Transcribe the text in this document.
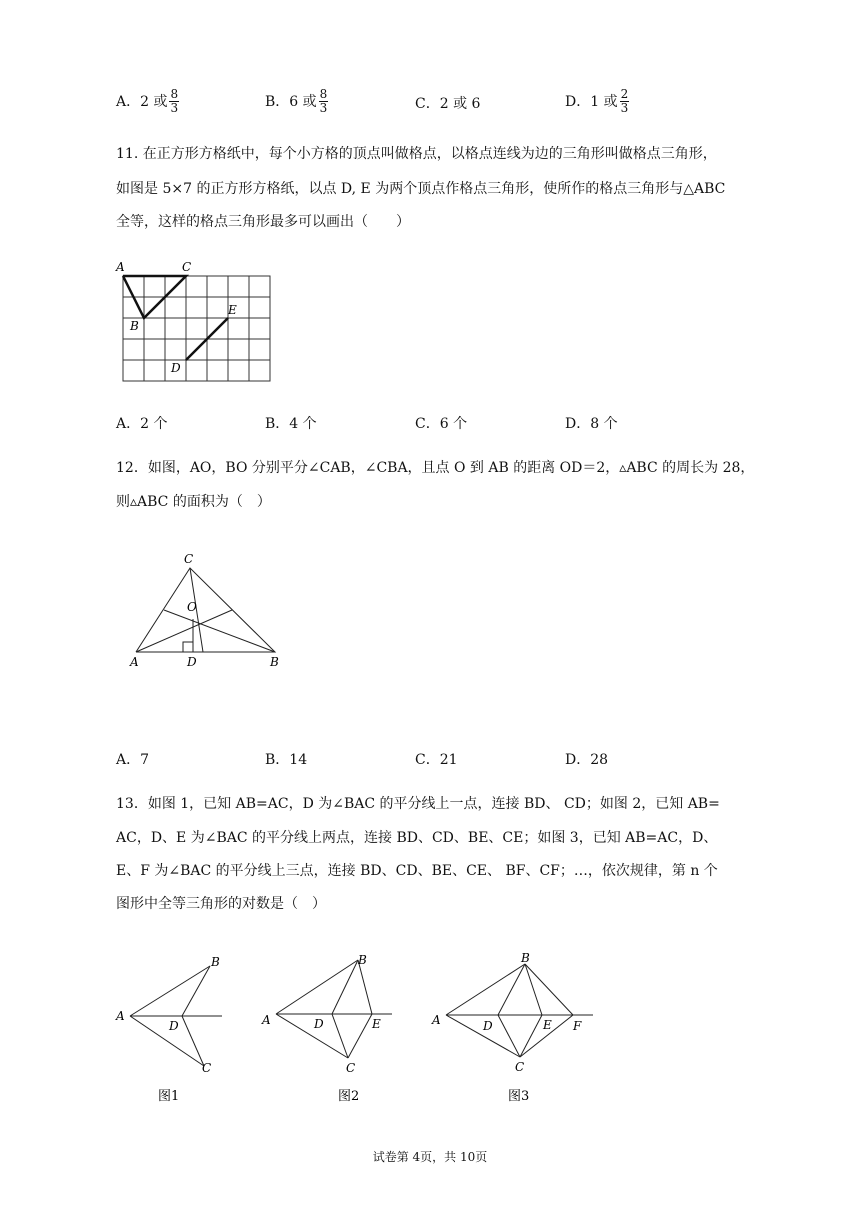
A．2 或 $\frac{8}{3}$	B．6 或 $\frac{8}{3}$	C．2 或 6	D．1 或 $\frac{2}{3}$
11. 在正方形方格纸中，每个小方格的顶点叫做格点，以格点连线为边的三角形叫做格点三角形，
如图是 5×7 的正方形方格纸，以点 D, E 为两个顶点作格点三角形，使所作的格点三角形与△ABC
全等，这样的格点三角形最多可以画出（　　）
A	C
B
D
E
A．2 个	B．4 个	C．6 个	D．8 个
12．如图，AO，BO 分别平分∠CAB，∠CBA，且点 O 到 AB 的距离 OD＝2，▵ABC 的周长为 28，
则▵ABC 的面积为（　）
C
O
A	D	B
A．7	B．14	C．21	D．28
13．如图 1，已知 AB=AC，D 为∠BAC 的平分线上一点，连接 BD、 CD；如图 2，已知 AB=
AC，D、E 为∠BAC 的平分线上两点，连接 BD、CD、BE、CE；如图 3，已知 AB=AC，D、
E、F 为∠BAC 的平分线上三点，连接 BD、CD、BE、CE、 BF、CF；…，依次规律，第 n 个
图形中全等三角形的对数是（　）
A
B
D
C
图1
A
B
D	E
C
图2
A
B
D	E F
C
图3
试卷第 4页，共 10页
